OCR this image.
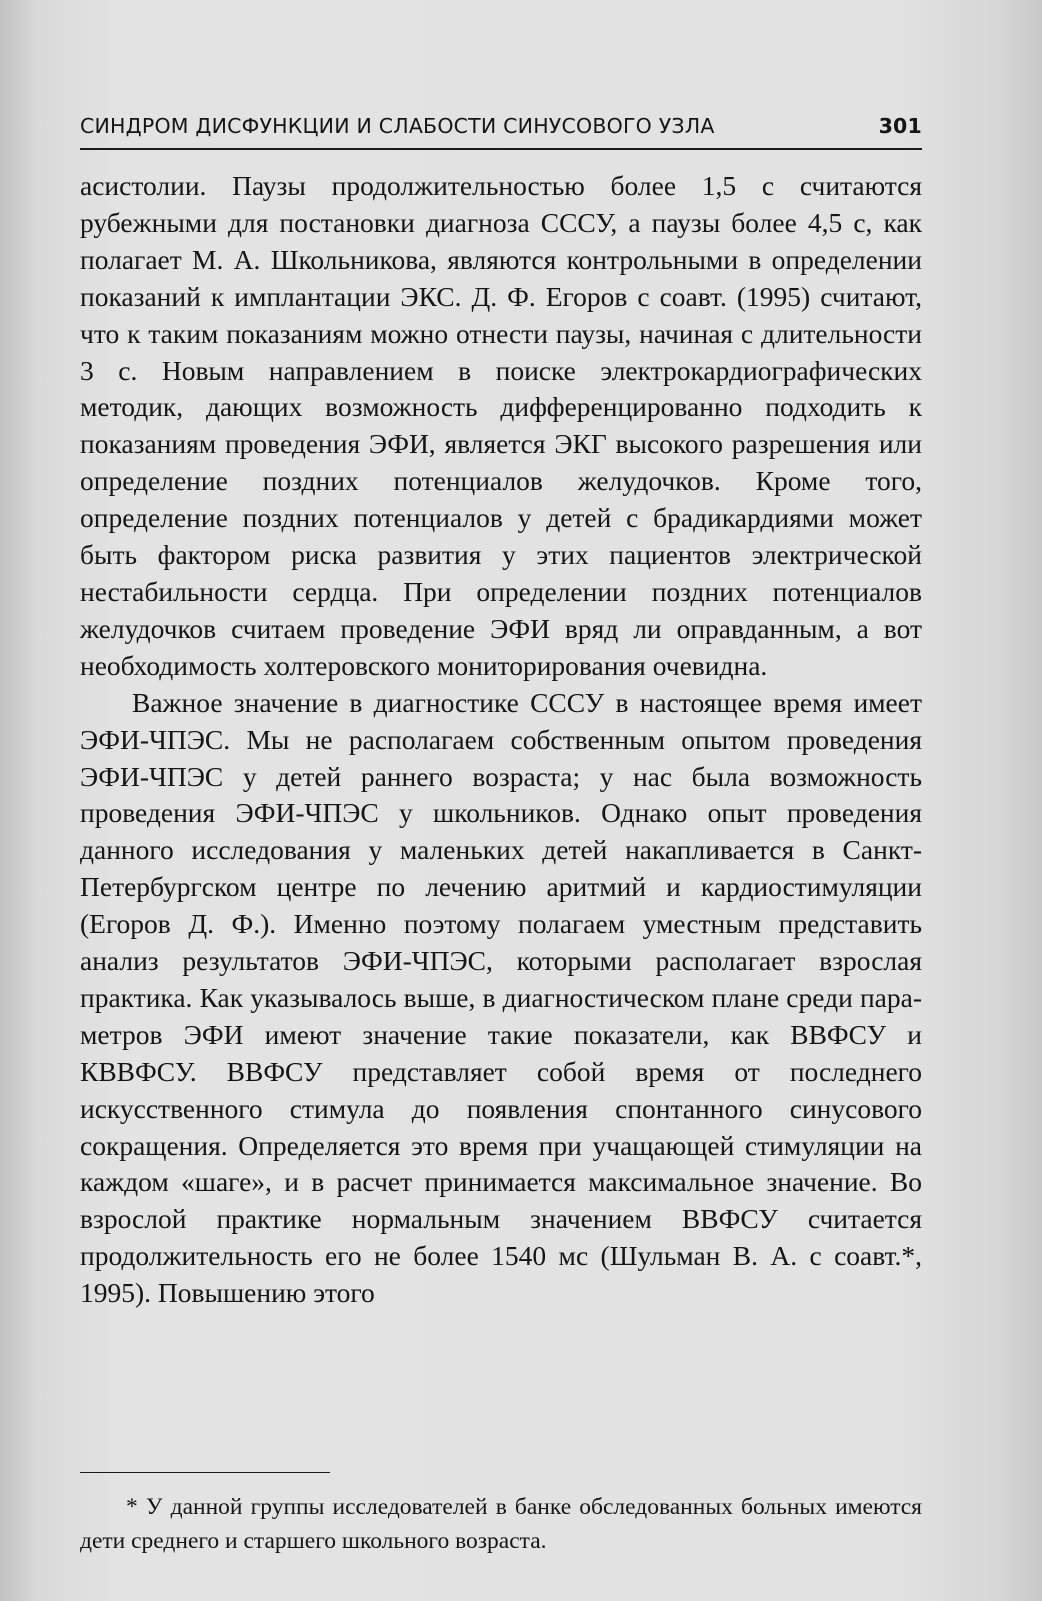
СИНДРОМ ДИСФУНКЦИИ И СЛАБОСТИ СИНУСОВОГО УЗЛА	301

асистолии. Паузы продолжительностью более 1,5 с считаются рубежными для постановки диагноза СССУ, а паузы более 4,5 с, как полагает М. А. Школьникова, являются контрольными в определении показаний к имплантации ЭКС. Д. Ф. Егоров с соавт. (1995) считают, что к таким показаниям можно отнести паузы, начиная с длительности 3 с. Новым направлением в поиске электрокардиографических методик, дающих возможность дифференцированно подходить к показаниям проведения ЭФИ, является ЭКГ высокого разрешения или определение поздних потенциалов желудочков. Кроме того, определение поздних потенциалов у детей с брадикардиями может быть фактором риска развития у этих пациентов электрической нестабильности сердца. При определении поздних потенциалов желудочков считаем проведение ЭФИ вряд ли оправданным, а вот необходимость холтеровского мониторирования очевидна.

Важное значение в диагностике СССУ в настоящее время имеет ЭФИ-ЧПЭС. Мы не располагаем собственным опытом проведения ЭФИ-ЧПЭС у детей раннего возраста; у нас была возможность проведения ЭФИ-ЧПЭС у школьников. Однако опыт проведения данного исследования у маленьких детей накапливается в Санкт-Петербургском центре по лечению аритмий и кардиостимуляции (Егоров Д. Ф.). Именно поэтому полагаем уместным представить анализ результатов ЭФИ-ЧПЭС, которыми располагает взрослая практика. Как указывалось выше, в диагностическом плане среди параметров ЭФИ имеют значение такие показатели, как ВВФСУ и КВВФСУ. ВВФСУ представляет собой время от последнего искусственного стимула до появления спонтанного синусового сокращения. Определяется это время при учащающей стимуляции на каждом «шаге», и в расчет принимается максимальное значение. Во взрослой практике нормальным значением ВВФСУ считается продолжительность его не более 1540 мс (Шульман В. А. с соавт.*, 1995). Повышению этого

* У данной группы исследователей в банке обследованных больных имеются дети среднего и старшего школьного возраста.
